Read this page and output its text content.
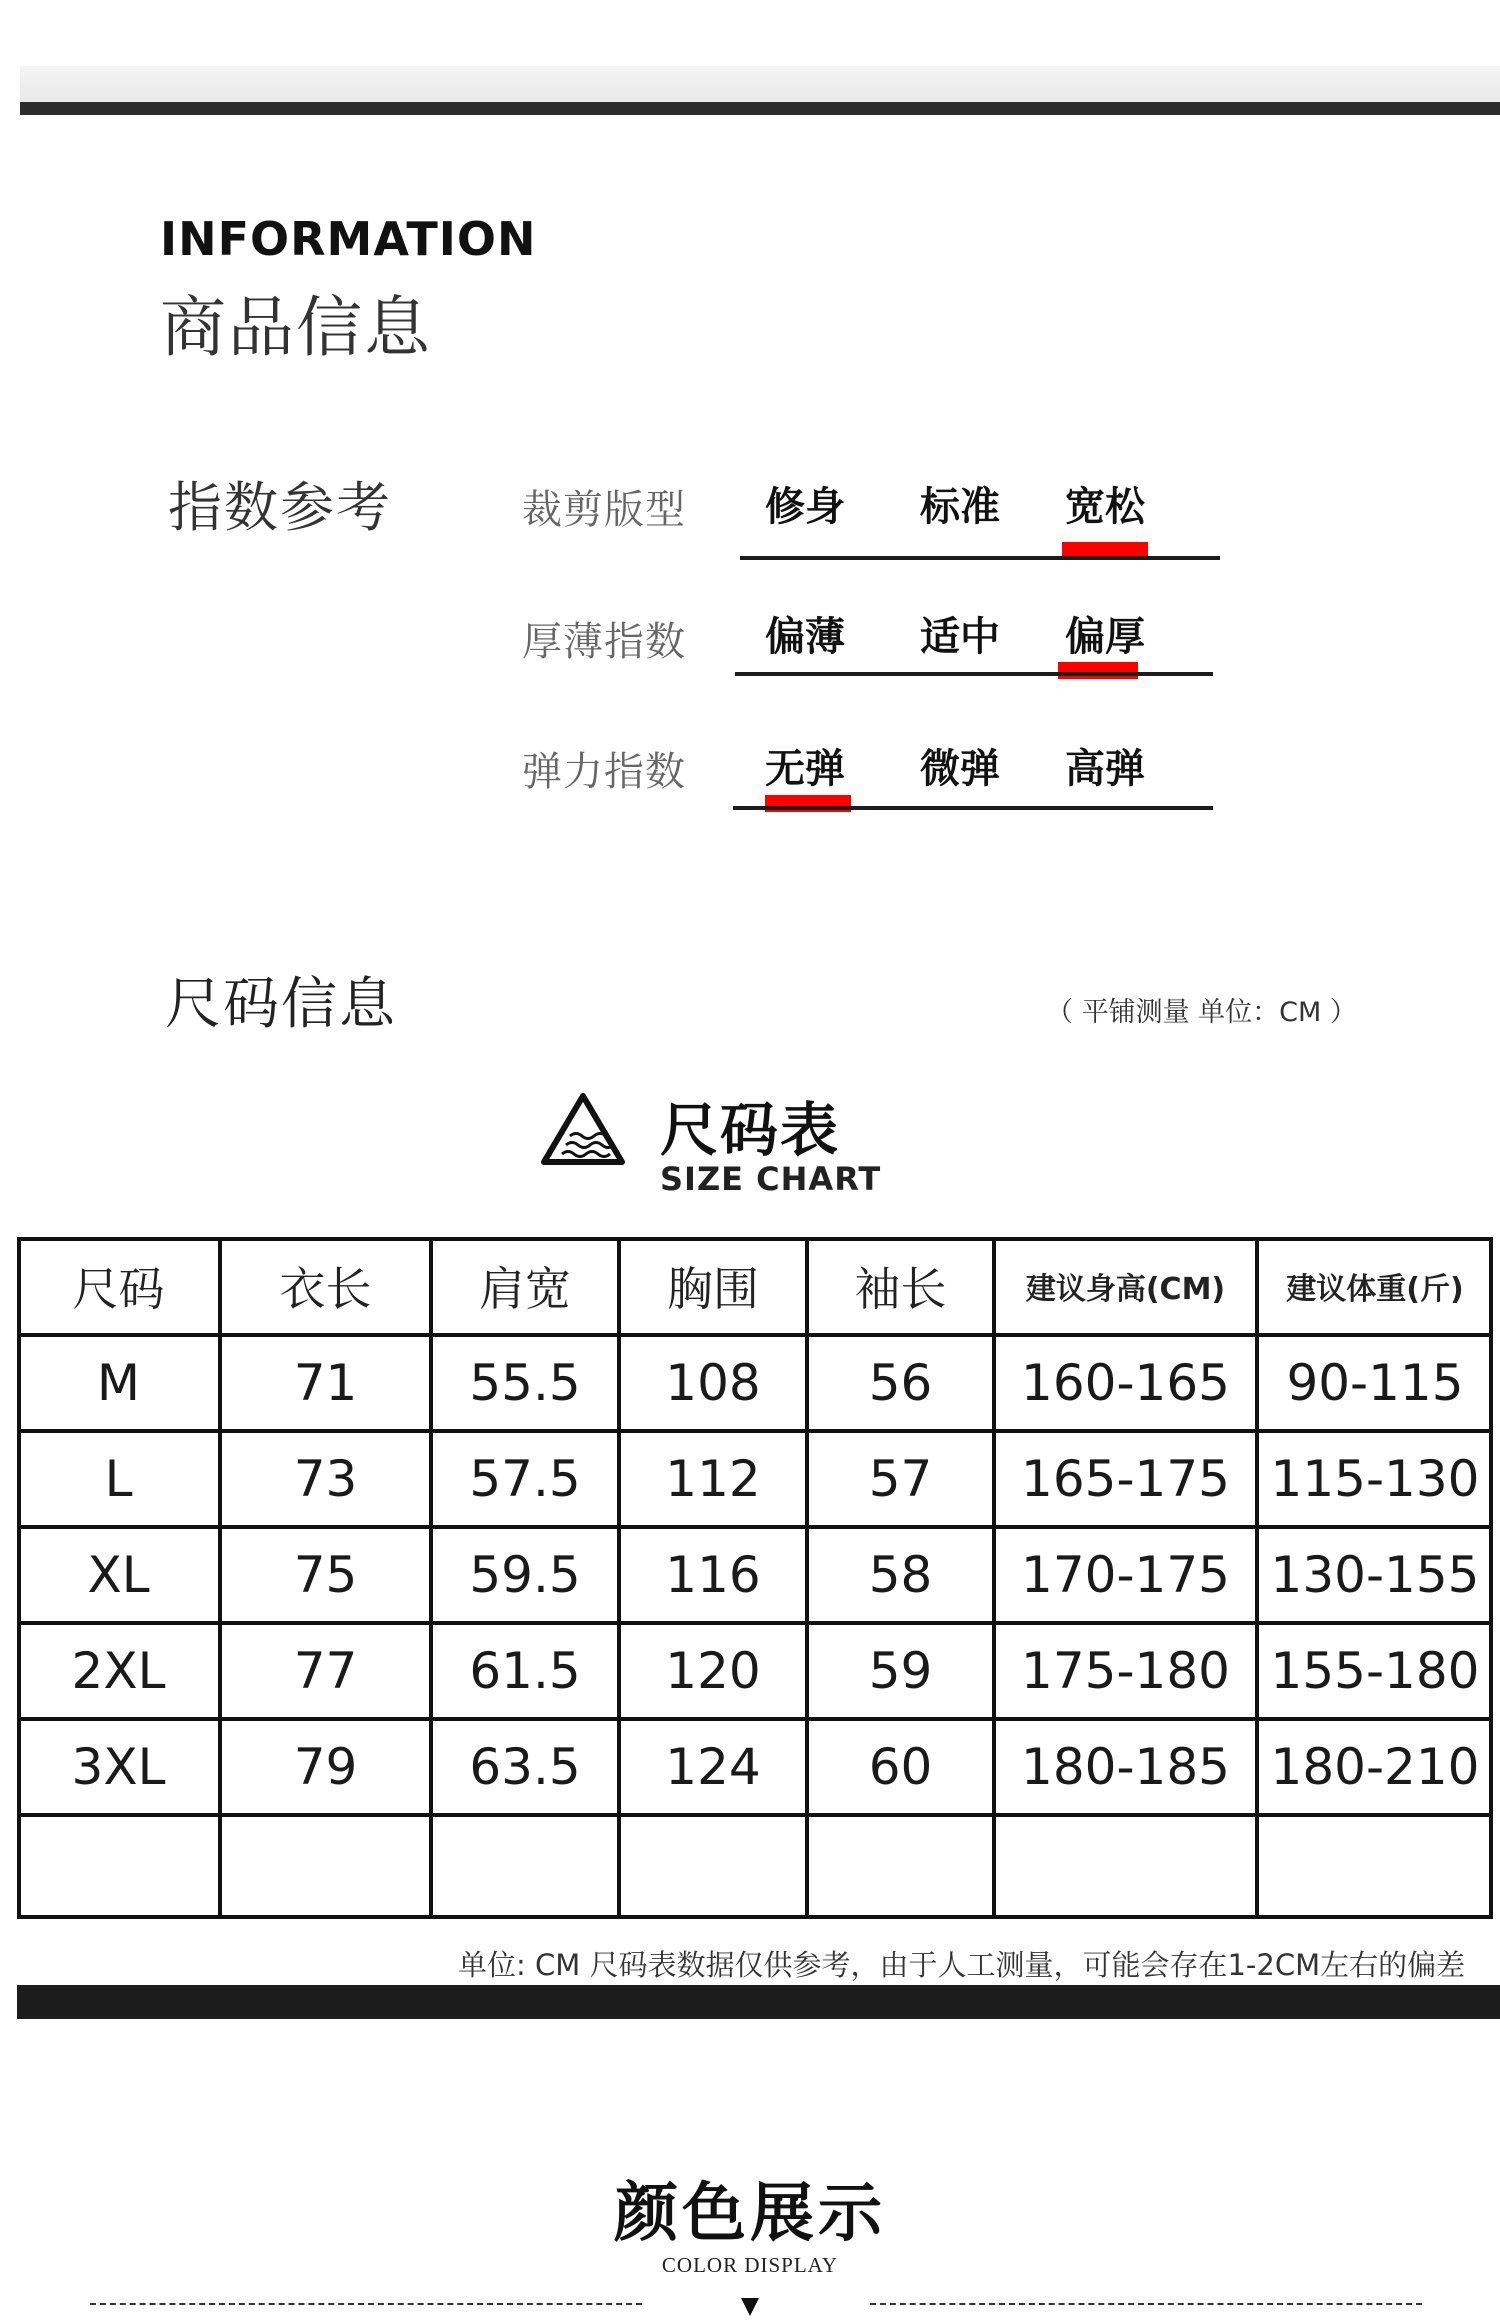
INFORMATION
商品信息
指数参考	裁剪版型	修身	标准	宽松
厚薄指数	偏薄	适中	偏厚
弹力指数	无弹	微弹	高弹
尺码信息	（ 平铺测量 单位：CM ）
尺码表
SIZE CHART
尺码	衣长	肩宽	胸围	袖长	建议身高(CM)	建议体重(斤)
M	71	55.5	108	56	160-165	90-115
L	73	57.5	112	57	165-175 115-130
XL	75	59.5	116	58	170-175 130-155
2XL	77	61.5	120	59	175-180 155-180
3XL	79	63.5	124	60	180-185 180-210
单位: CM 尺码表数据仅供参考，由于人工测量，可能会存在1-2CM左右的偏差
颜色展示
COLOR DISPLAY
